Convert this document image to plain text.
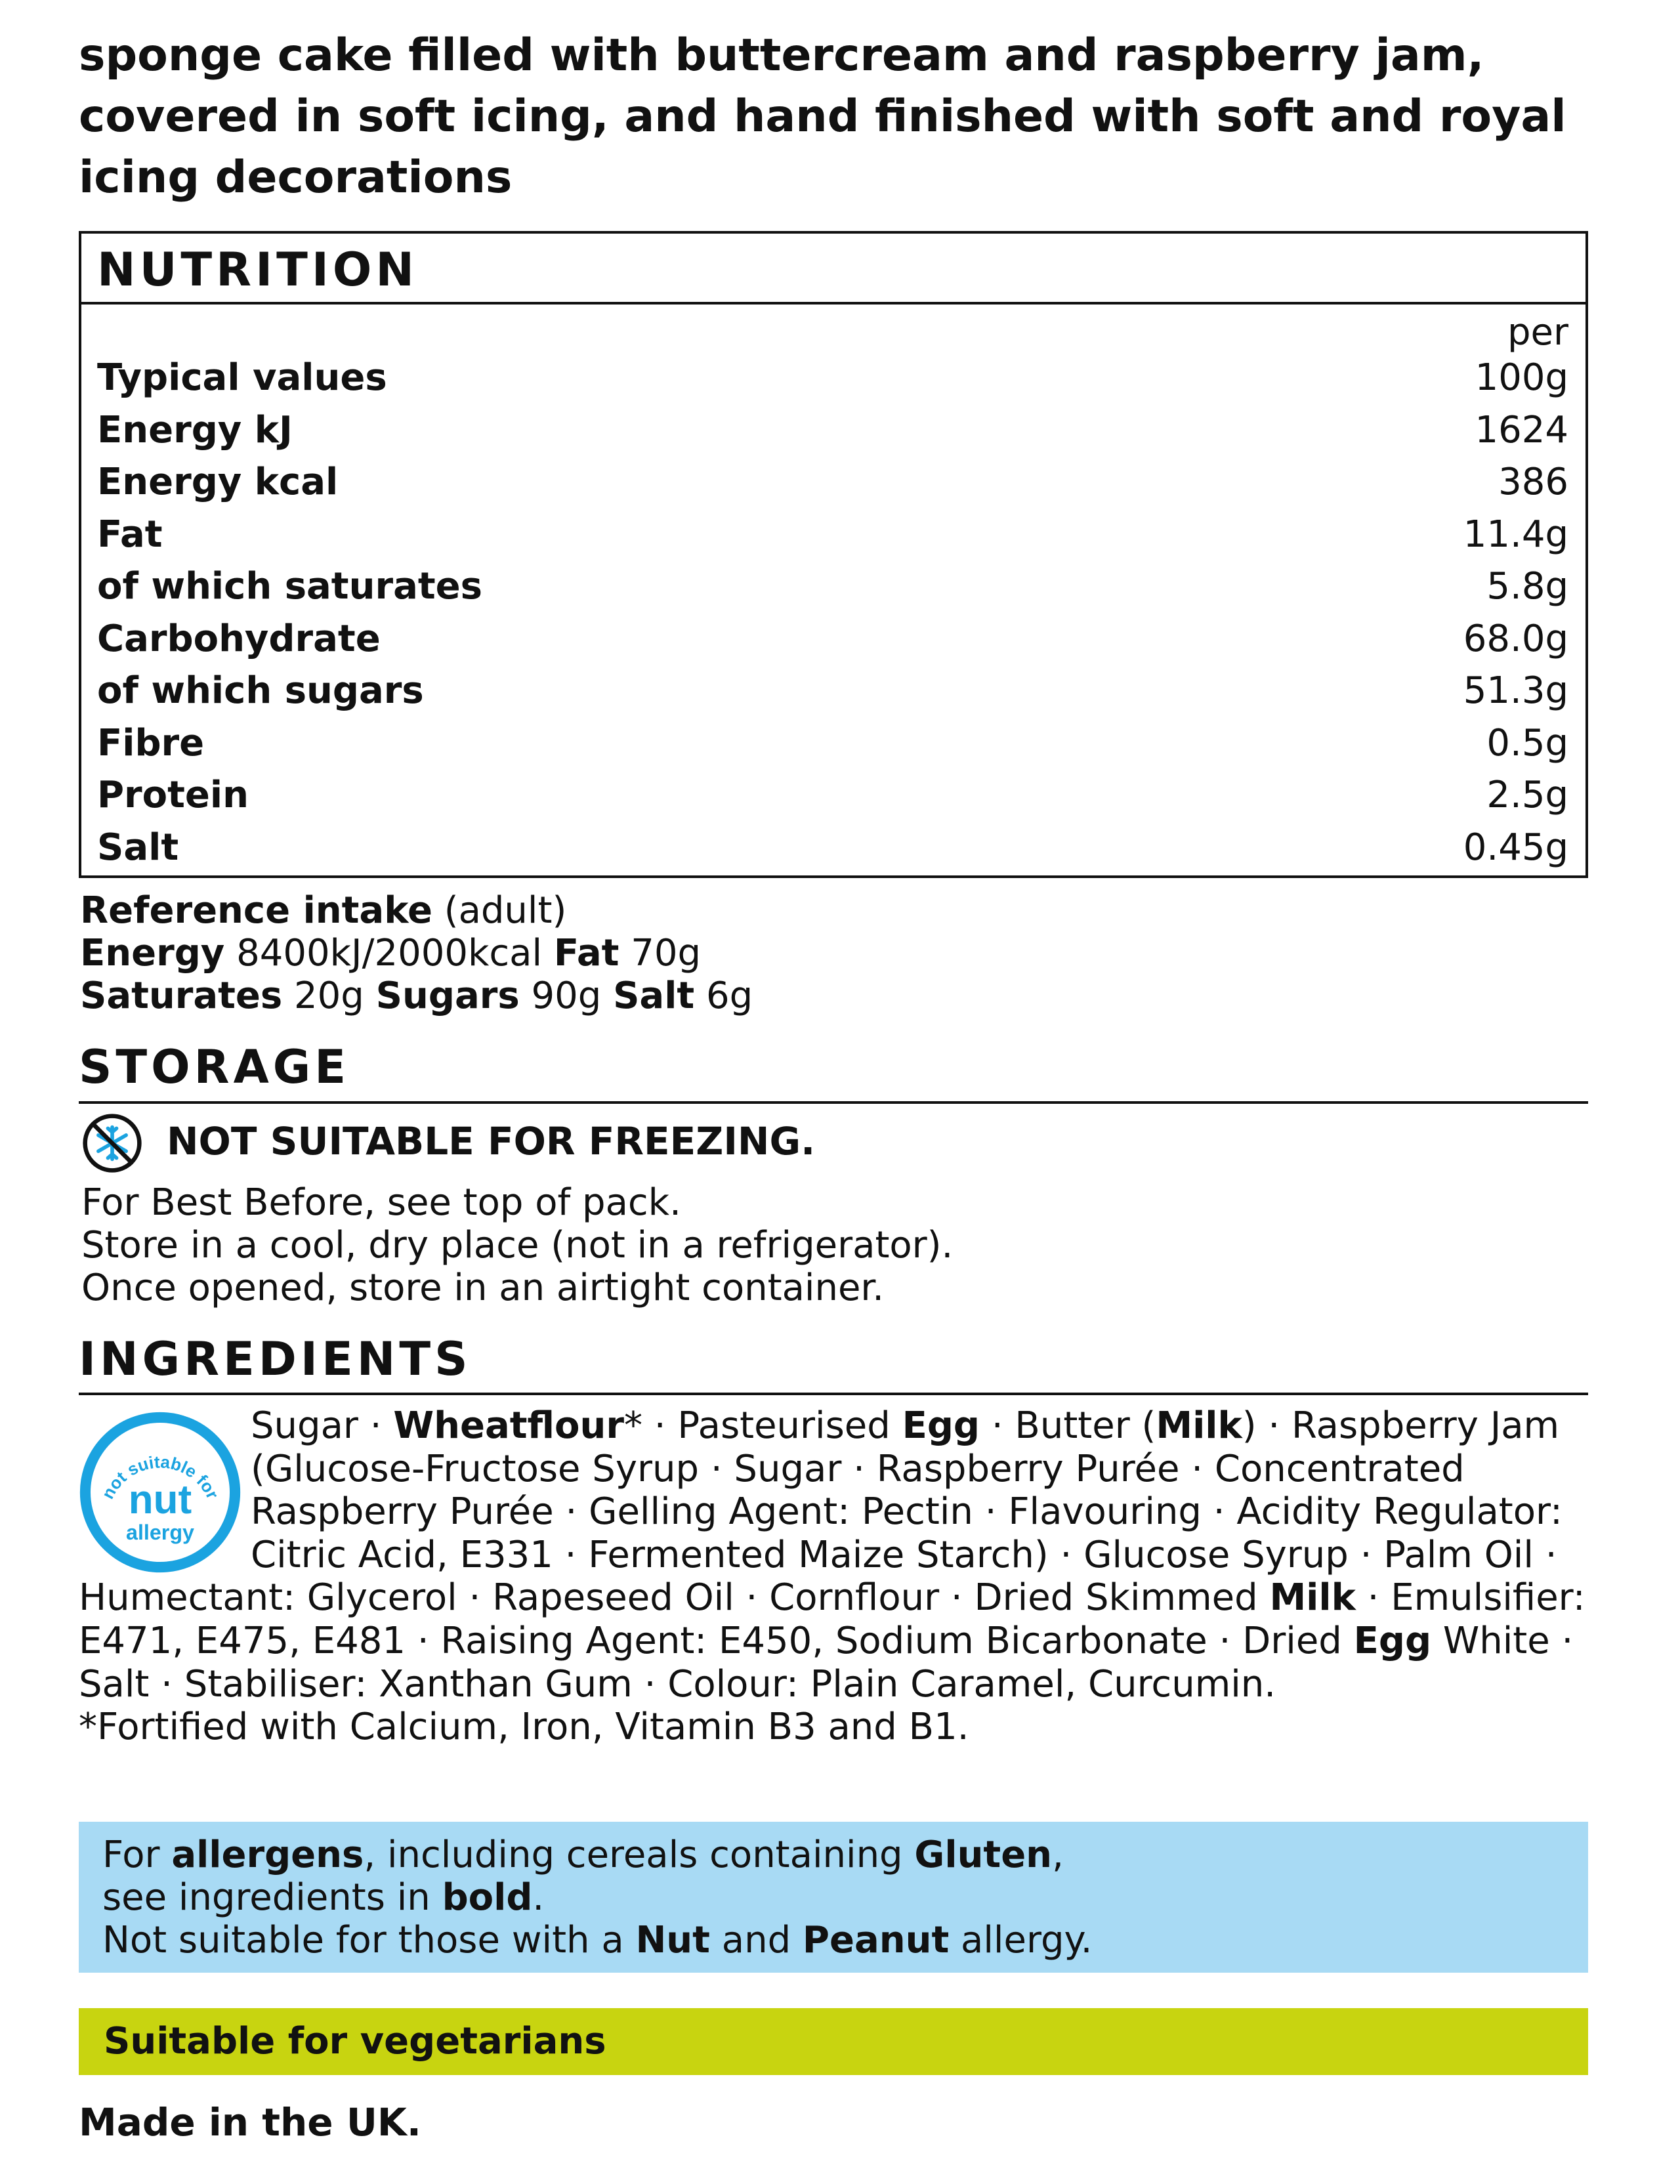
sponge cake filled with buttercream and raspberry jam, covered in soft icing, and hand finished with soft and royal icing decorations
NUTRITION
per
Typical values	100g
Energy kJ	1624
Energy kcal	386
Fat	11.4g
of which saturates	5.8g
Carbohydrate	68.0g
of which sugars	51.3g
Fibre	0.5g
Protein	2.5g
Salt	0.45g
Reference intake (adult)
Energy 8400kJ/2000kcal Fat 70g
Saturates 20g Sugars 90g Salt 6g
STORAGE
NOT SUITABLE FOR FREEZING.
For Best Before, see top of pack.
Store in a cool, dry place (not in a refrigerator).
Once opened, store in an airtight container.
INGREDIENTS
Sugar · Wheatflour* · Pasteurised Egg · Butter (Milk) · Raspberry Jam (Glucose-Fructose Syrup · Sugar · Raspberry Purée · Concentrated Raspberry Purée · Gelling Agent: Pectin · Flavouring · Acidity Regulator: Citric Acid, E331 · Fermented Maize Starch) · Glucose Syrup · Palm Oil · Humectant: Glycerol · Rapeseed Oil · Cornflour · Dried Skimmed Milk · Emulsifier: E471, E475, E481 · Raising Agent: E450, Sodium Bicarbonate · Dried Egg White · Salt · Stabiliser: Xanthan Gum · Colour: Plain Caramel, Curcumin.
*Fortified with Calcium, Iron, Vitamin B3 and B1.
not suitable for
nut
allergy
For allergens, including cereals containing Gluten,
see ingredients in bold.
Not suitable for those with a Nut and Peanut allergy.
Suitable for vegetarians
Made in the UK.
